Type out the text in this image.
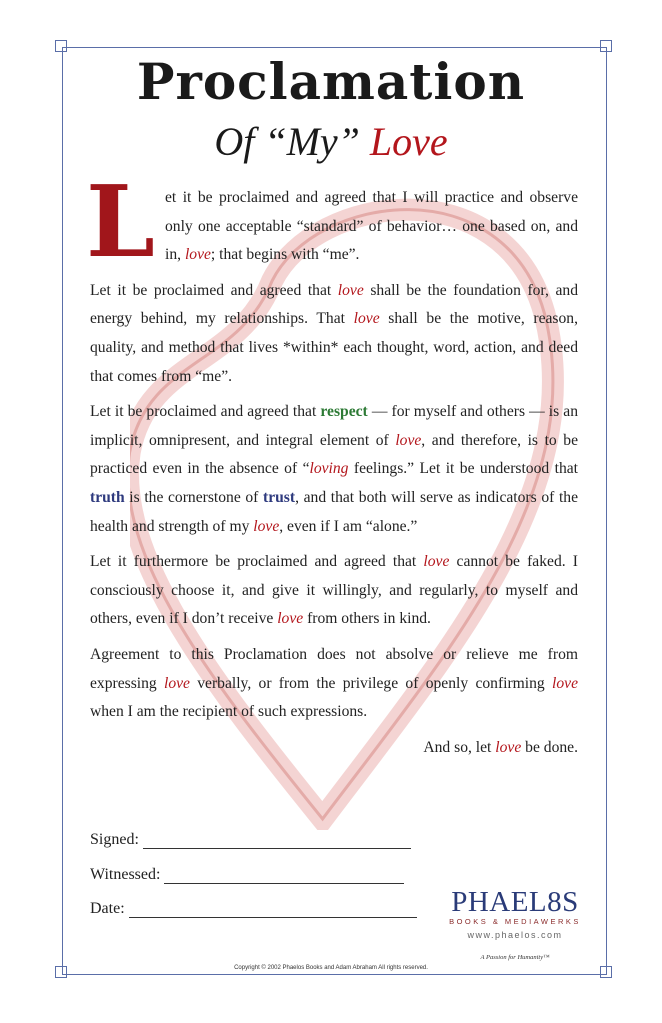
Proclamation
Of “My” Love
L et it be proclaimed and agreed that I will practice and observe only one acceptable “standard” of behavior… one based on, and in, love; that begins with “me”.

Let it be proclaimed and agreed that love shall be the foundation for, and energy behind, my relationships. That love shall be the motive, reason, quality, and method that lives *within* each thought, word, action, and deed that comes from “me”.

Let it be proclaimed and agreed that respect — for myself and others — is an implicit, omnipresent, and integral element of love, and therefore, is to be practiced even in the absence of “loving feelings.” Let it be understood that truth is the cornerstone of trust, and that both will serve as indicators of the health and strength of my love, even if I am “alone.”

Let it furthermore be proclaimed and agreed that love cannot be faked. I consciously choose it, and give it willingly, and regularly, to myself and others, even if I don’t receive love from others in kind.

Agreement to this Proclamation does not absolve or relieve me from expressing love verbally, or from the privilege of openly confirming love when I am the recipient of such expressions.

And so, let love be done.

Signed:
Witnessed:
Date:	PHAEL8S
BOOKS & MEDIAWERKS
www.phaelos.com
A Passion for Humanity™
Copyright © 2002 Phaelos Books and Adam Abraham All rights reserved.
